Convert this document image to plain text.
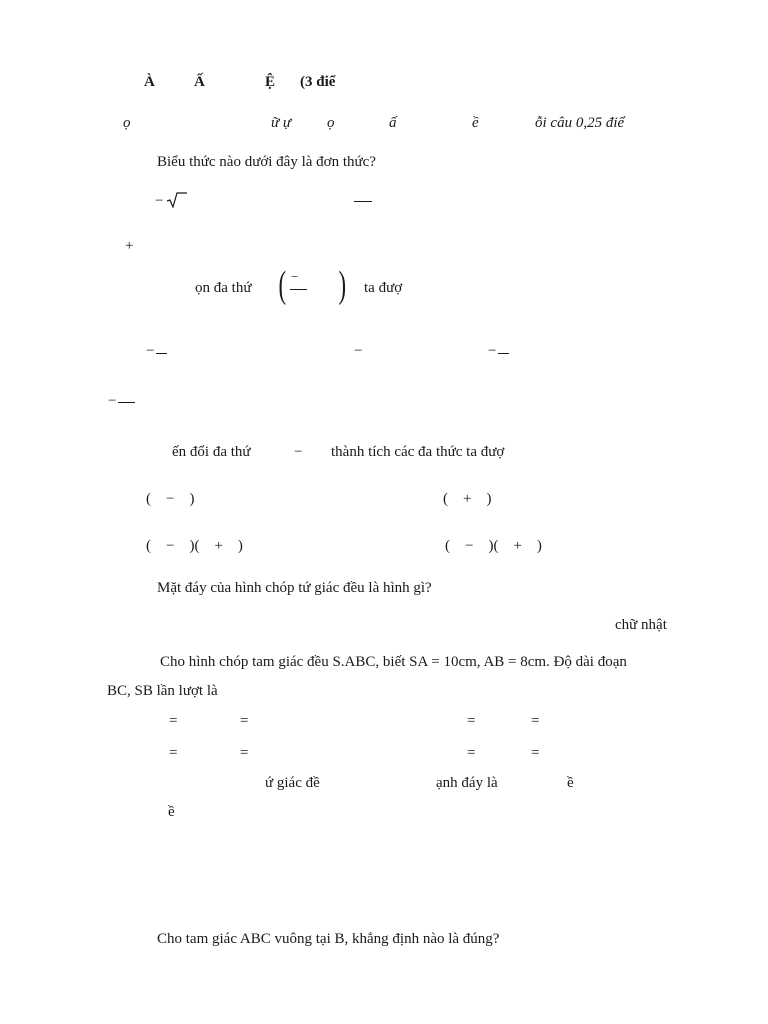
À	Ấ	Ệ (3 điể
ọ	ữ ự ọ	ấ	ề	ỗi câu 0,25 điể
Biểu thức nào dưới đây là đơn thức?
−
+
ọn đa thứ ( − ) ta đượ
−	−	−
−
ến đổi đa thứ	− thành tích các đa thức ta đượ
(    −    )	(    +    )
(    −    )(    +    )	(    −    )(    +    )
Mặt đáy của hình chóp tứ giác đều là hình gì?
chữ nhật
Cho hình chóp tam giác đều S.ABC, biết SA = 10cm, AB = 8cm. Độ dài đoạn
BC, SB lần lượt là
=	=	=	=
=	=	=	=
ứ giác đề	ạnh đáy là	ề
ề
Cho tam giác ABC vuông tại B, khẳng định nào là đúng?
